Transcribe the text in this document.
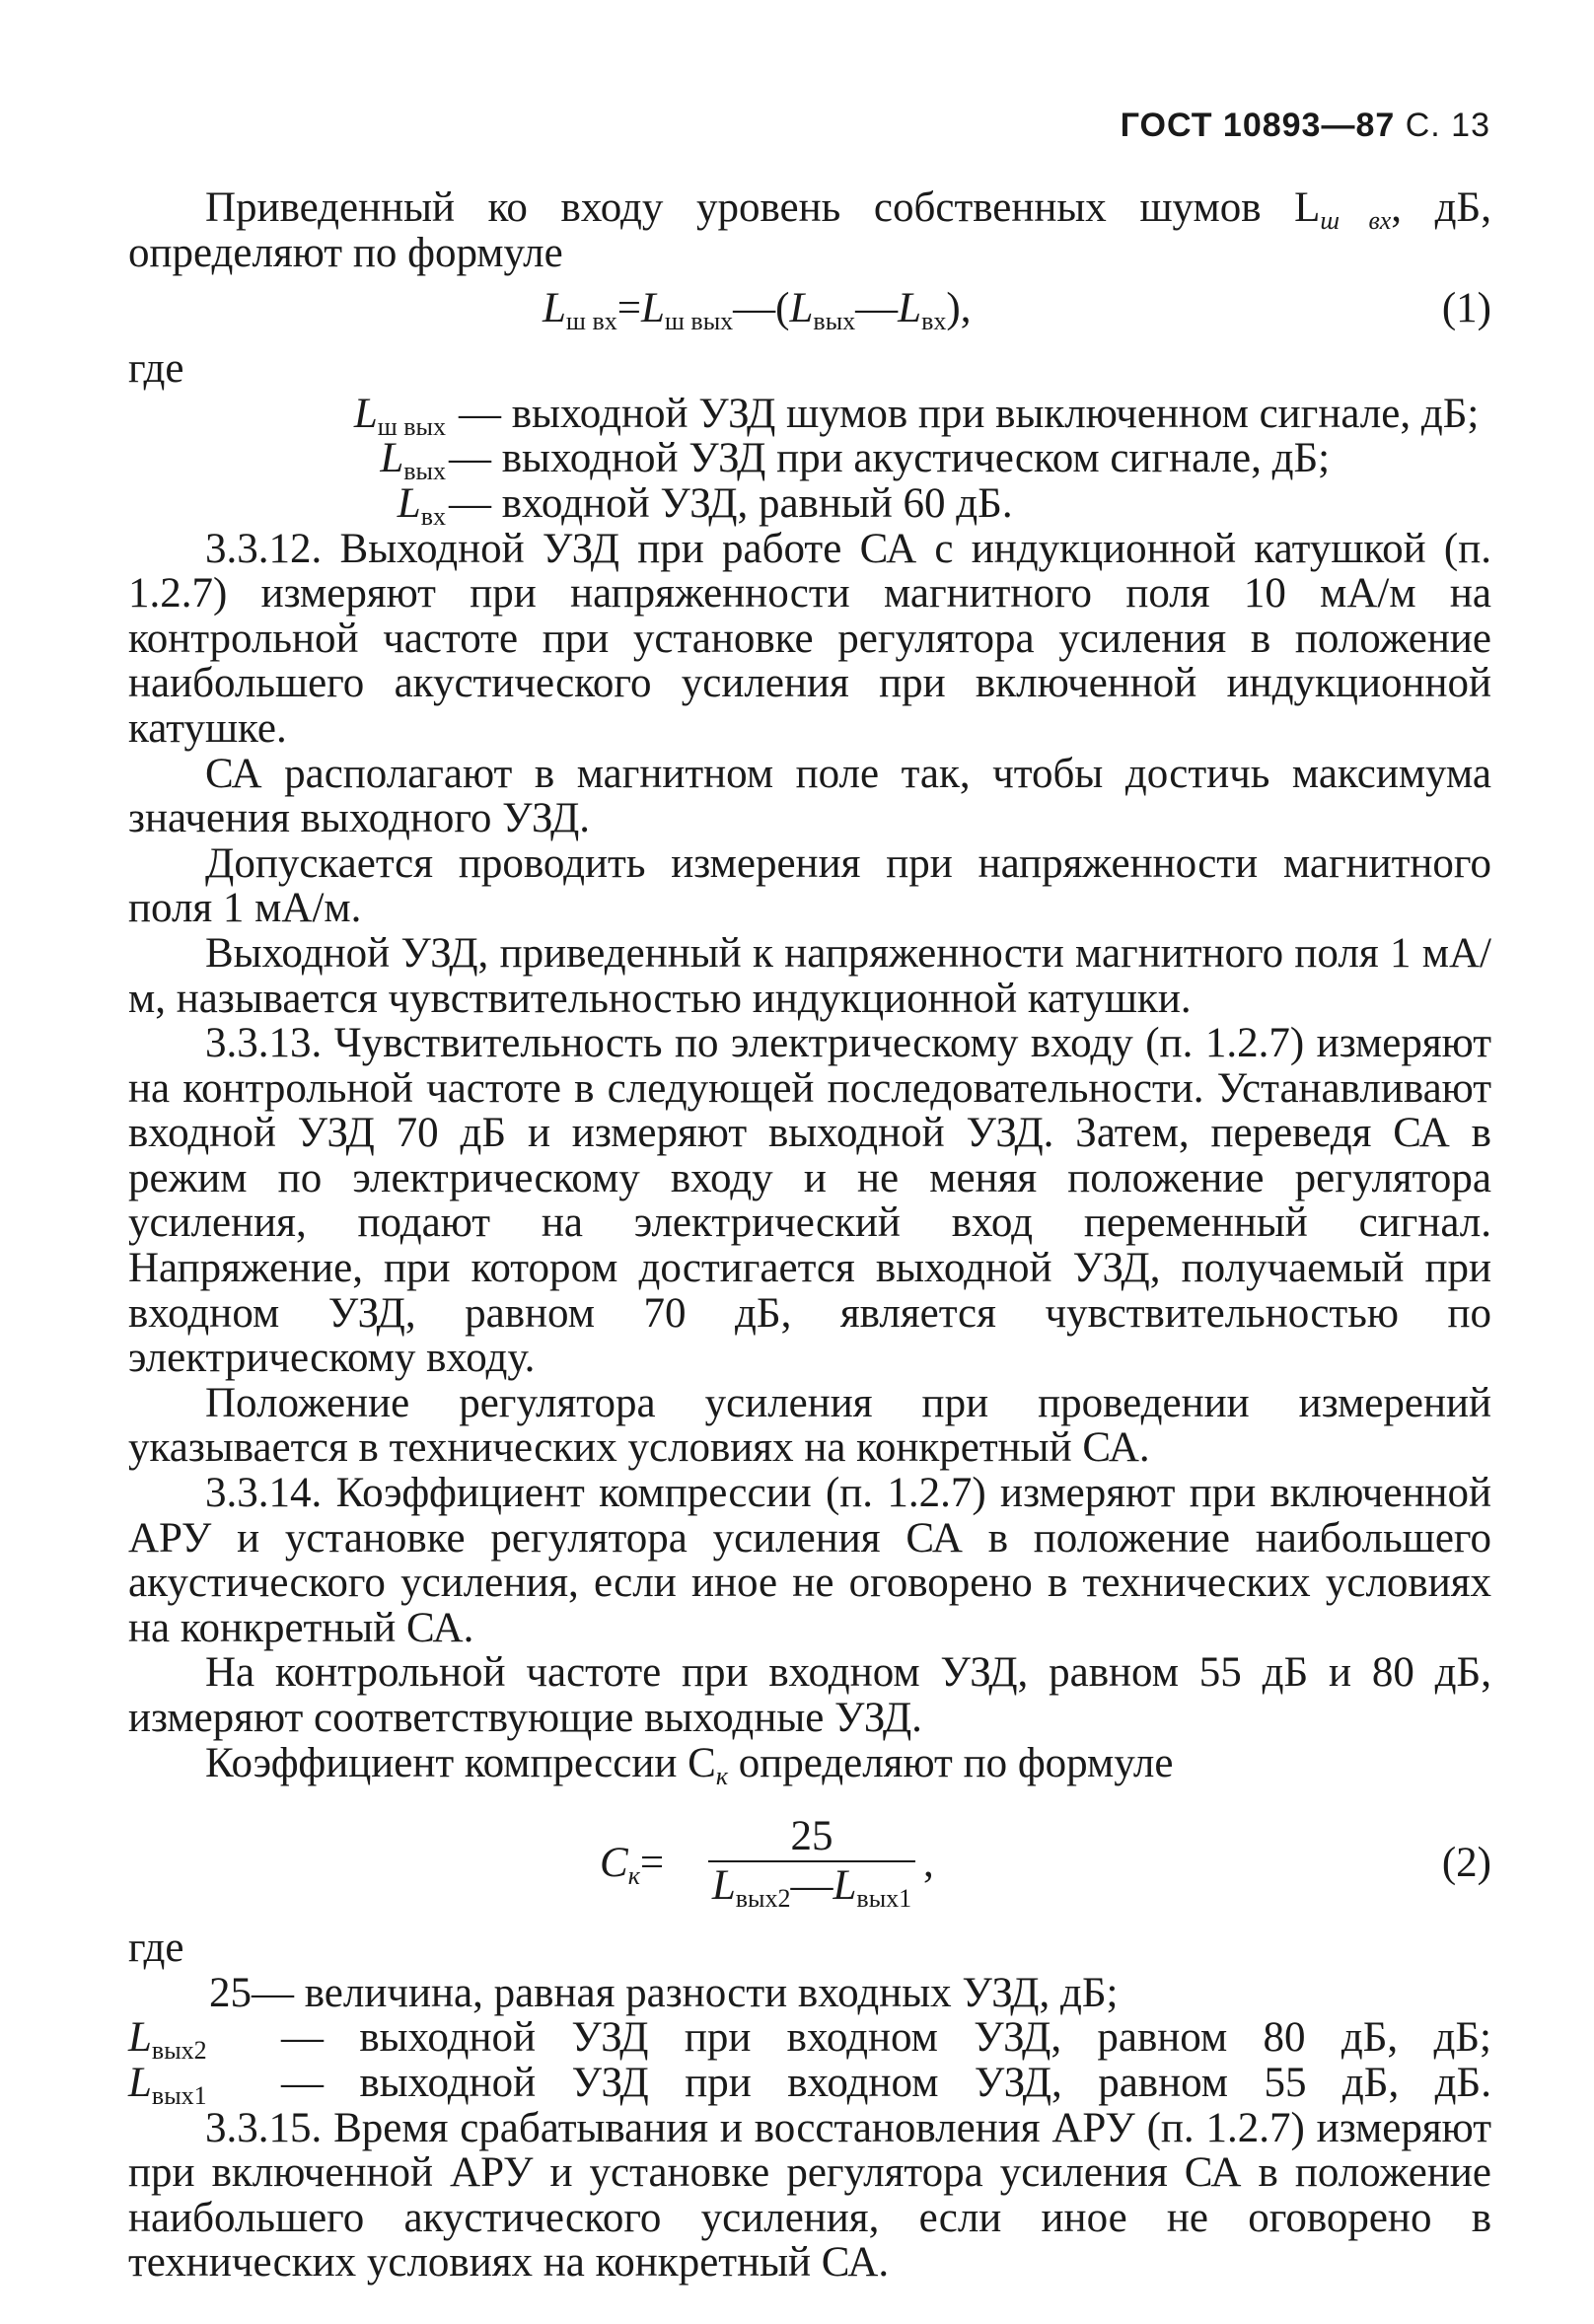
ГОСТ 10893—87 С. 13

Приведенный ко входу уровень собственных шумов $L_{ш вх}$, дБ, определяют по формуле

$L_{ш вх}=L_{ш вых}—(L_{вых}—L_{вх})$,	(1)
где
$L_{ш вых}$ — выходной УЗД шумов при выключенном сигнале, дБ;
$L_{вых}$ — выходной УЗД при акустическом сигнале, дБ;
$L_{вх}$ — входной УЗД, равный 60 дБ.

3.3.12. Выходной УЗД при работе СА с индукционной катушкой (п. 1.2.7) измеряют при напряженности магнитного поля 10 мА/м на контрольной частоте при установке регулятора усиления в положение наибольшего акустического усиления при включенной индукционной катушке.

СА располагают в магнитном поле так, чтобы достичь максимума значения выходного УЗД.

Допускается проводить измерения при напряженности магнитного поля 1 мА/м.

Выходной УЗД, приведенный к напряженности магнитного поля 1 мА/м, называется чувствительностью индукционной катушки.

3.3.13. Чувствительность по электрическому входу (п. 1.2.7) измеряют на контрольной частоте в следующей последовательности. Устанавливают входной УЗД 70 дБ и измеряют выходной УЗД. Затем, переведя СА в режим по электрическому входу и не меняя положение регулятора усиления, подают на электрический вход переменный сигнал. Напряжение, при котором достигается выходной УЗД, получаемый при входном УЗД, равном 70 дБ, является чувствительностью по электрическому входу.

Положение регулятора усиления при проведении измерений указывается в технических условиях на конкретный СА.

3.3.14. Коэффициент компрессии (п. 1.2.7) измеряют при включенной АРУ и установке регулятора усиления СА в положение наибольшего акустического усиления, если иное не оговорено в технических условиях на конкретный СА.

На контрольной частоте при входном УЗД, равном 55 дБ и 80 дБ, измеряют соответствующие выходные УЗД.

Коэффициент компрессии $C_к$ определяют по формуле

$C_к=$
25
$L_{вых2}—L_{вых1}$
,	(2)
где

25— величина, равная разности входных УЗД, дБ;

$L_{вых2}$ — выходной УЗД при входном УЗД, равном 80 дБ, дБ;
$L_{вых1}$ — выходной УЗД при входном УЗД, равном 55 дБ, дБ.

3.3.15. Время срабатывания и восстановления АРУ (п. 1.2.7) измеряют при включенной АРУ и установке регулятора усиления СА в положение наибольшего акустического усиления, если иное не оговорено в технических условиях на конкретный СА.
